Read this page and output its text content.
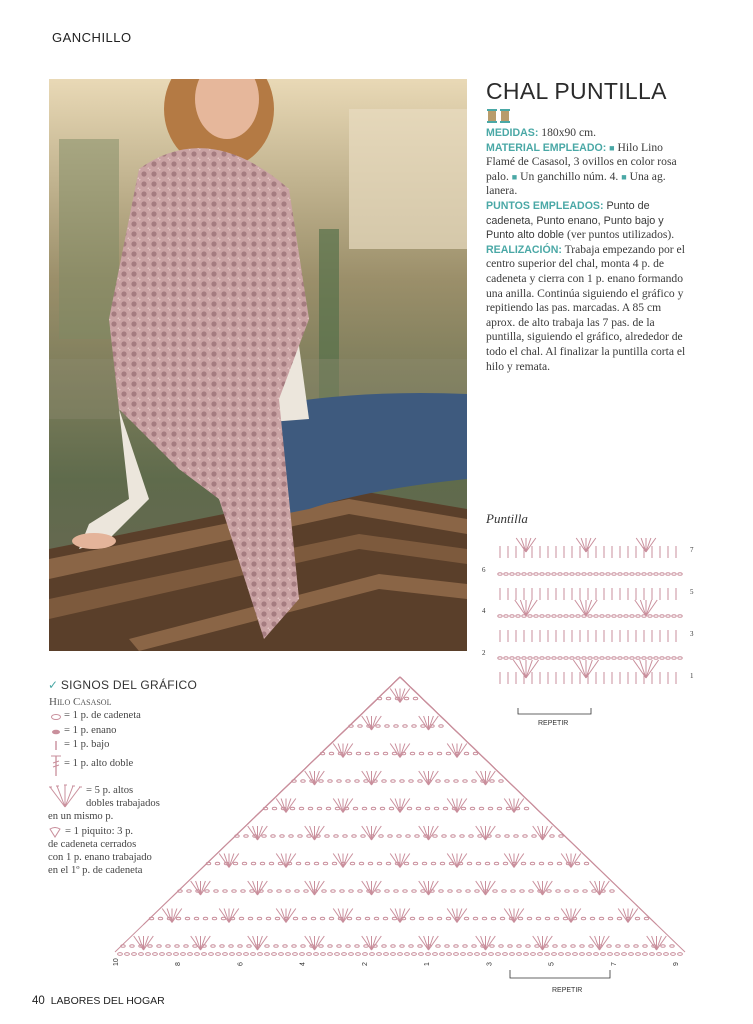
GANCHILLO
CHAL PUNTILLA

MEDIDAS: 180x90 cm.

MATERIAL EMPLEADO: ■ Hilo Lino Flamé de Casasol, 3 ovillos en color rosa palo. ■ Un ganchillo núm. 4. ■ Una ag. lanera.

PUNTOS EMPLEADOS: Punto de cadeneta, Punto enano, Punto bajo y Punto alto doble (ver puntos utilizados).

REALIZACIÓN: Trabaja empezando por el centro superior del chal, monta 4 p. de cadeneta y cierra con 1 p. enano formando una anilla. Continúa siguiendo el gráfico y repitiendo las pas. marcadas. A 85 cm aprox. de alto trabaja las 7 pas. de la puntilla, siguiendo el gráfico, alrededor de todo el chal. Al finalizar la puntilla corta el hilo y remata.

Puntilla
6
4
2
7
5
3
1
REPETIR
✓ SIGNOS DEL GRÁFICO
Hilo Casasol
= 1 p. de cadeneta
= 1 p. enano
= 1 p. bajo
= 1 p. alto doble
= 5 p. altos
dobles trabajados
en un mismo p.
= 1 piquito: 3 p.
de cadeneta cerrados
con 1 p. enano trabajado
en el 1º p. de cadeneta
10	8	6	4	2	1	3	5	7	9
REPETIR
40 LABORES DEL HOGAR
